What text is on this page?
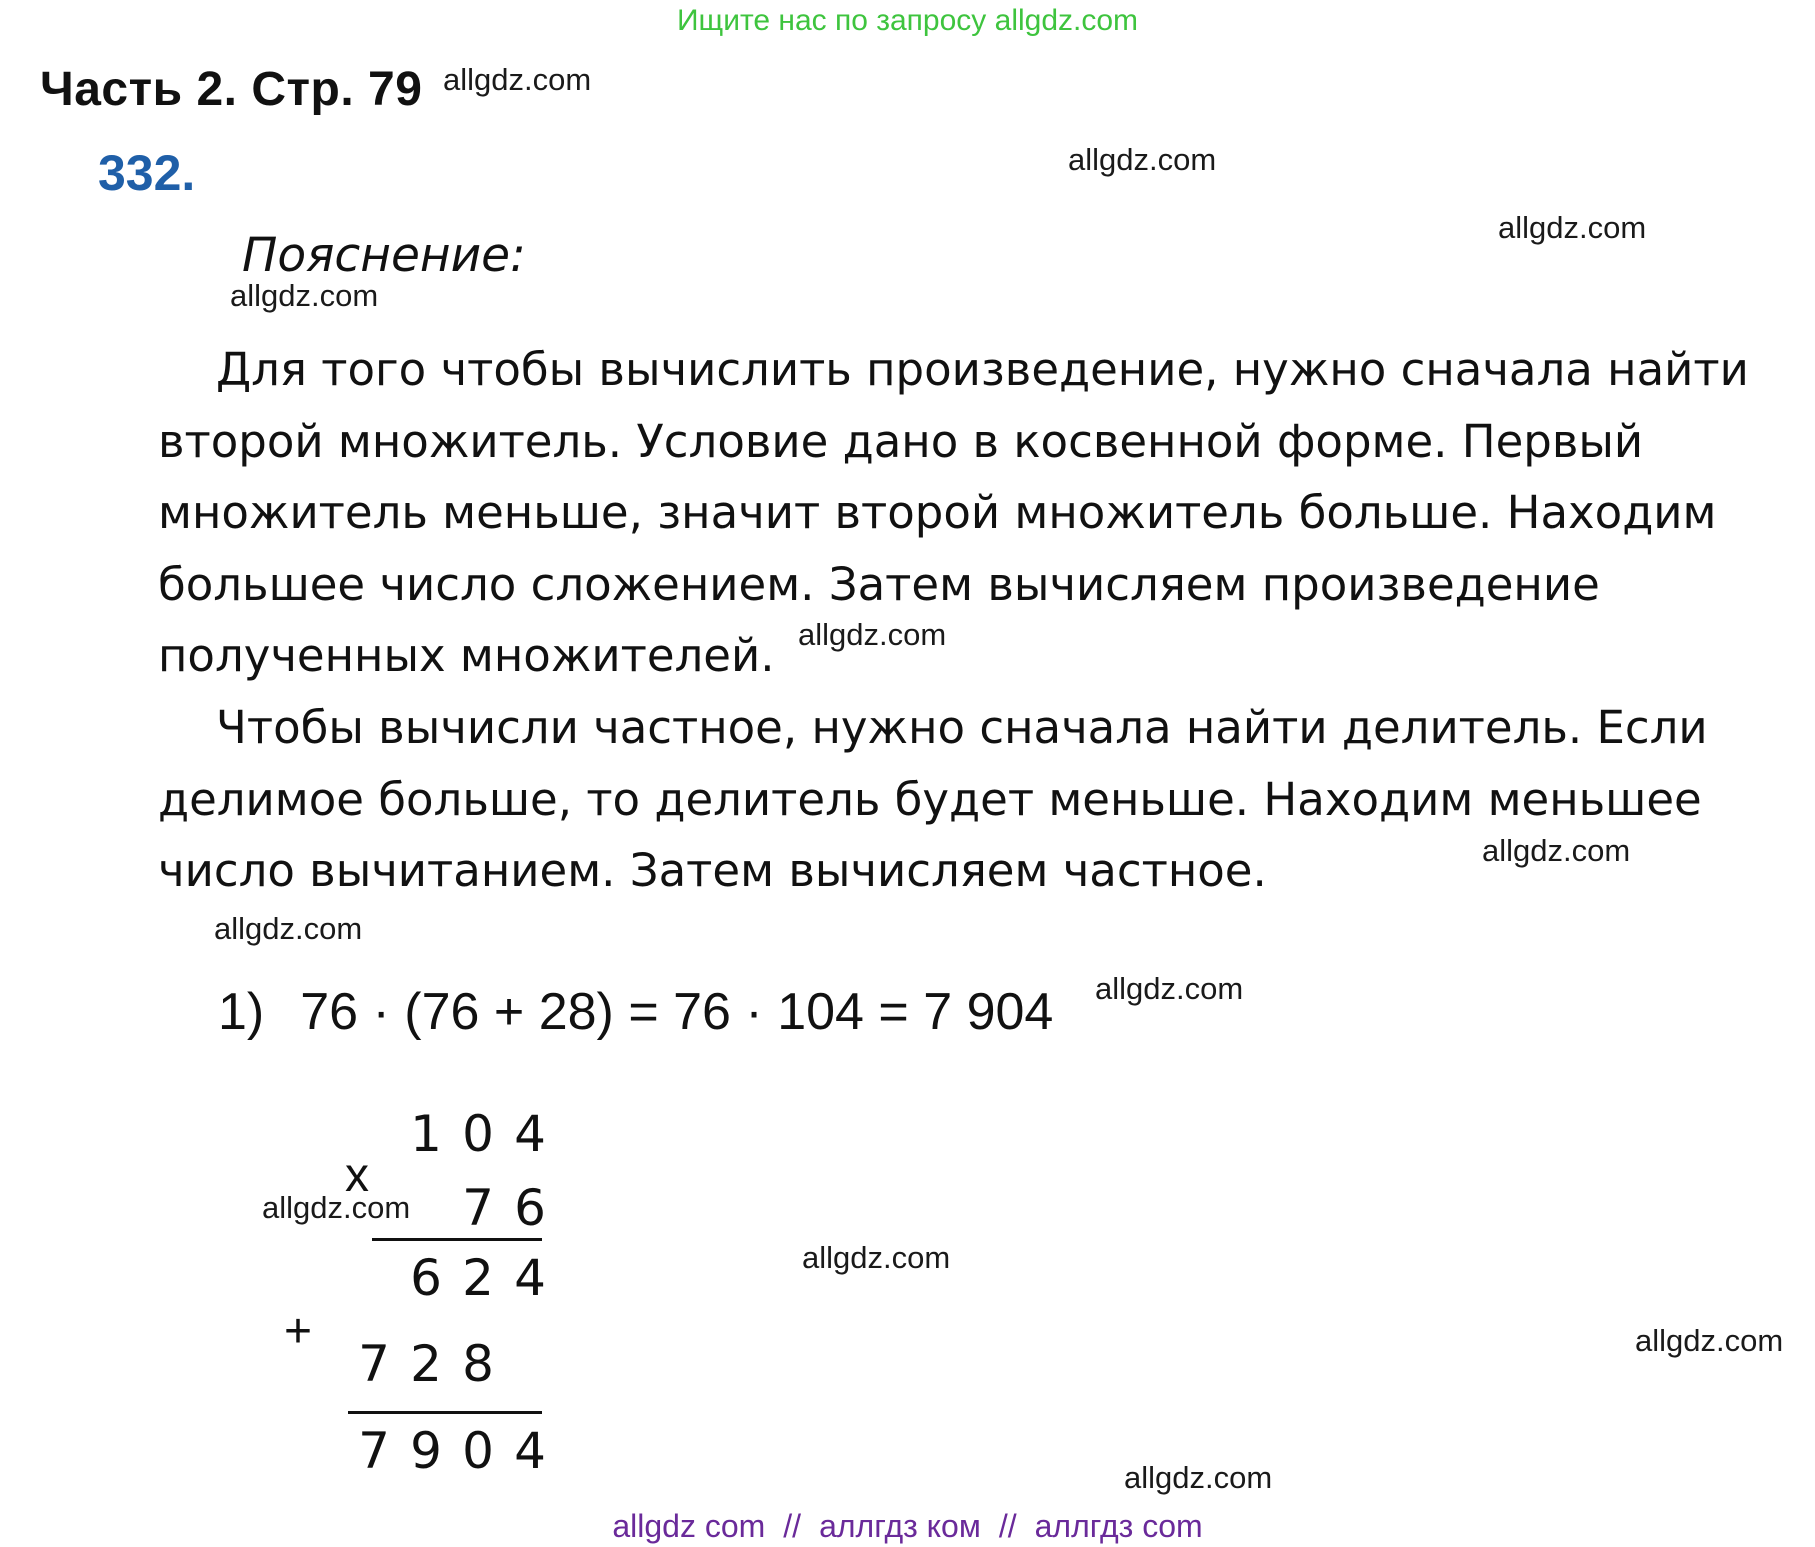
Ищите нас по запросу allgdz.com
Часть 2. Стр. 79
332.
Пояснение:
Для того чтобы вычислить произведение, нужно сначала найти
второй множитель. Условие дано в косвенной форме. Первый
множитель меньше, значит второй множитель больше. Находим
большее число сложением. Затем вычисляем произведение
полученных множителей.
Чтобы вычисли частное, нужно сначала найти делитель. Если
делимое больше, то делитель будет меньше. Находим меньшее
число вычитанием. Затем вычисляем частное.
1) 76 · (76 + 28) = 76 · 104 = 7 904
x
+
1 0 4
7 6
6 2 4
7 2 8
7 9 0 4
allgdz.com
allgdz.com
allgdz.com
allgdz.com
allgdz.com
allgdz.com
allgdz.com
allgdz.com
allgdz.com
allgdz.com
allgdz.com
allgdz.com
allgdz com // аллгдз ком // аллгдз com
